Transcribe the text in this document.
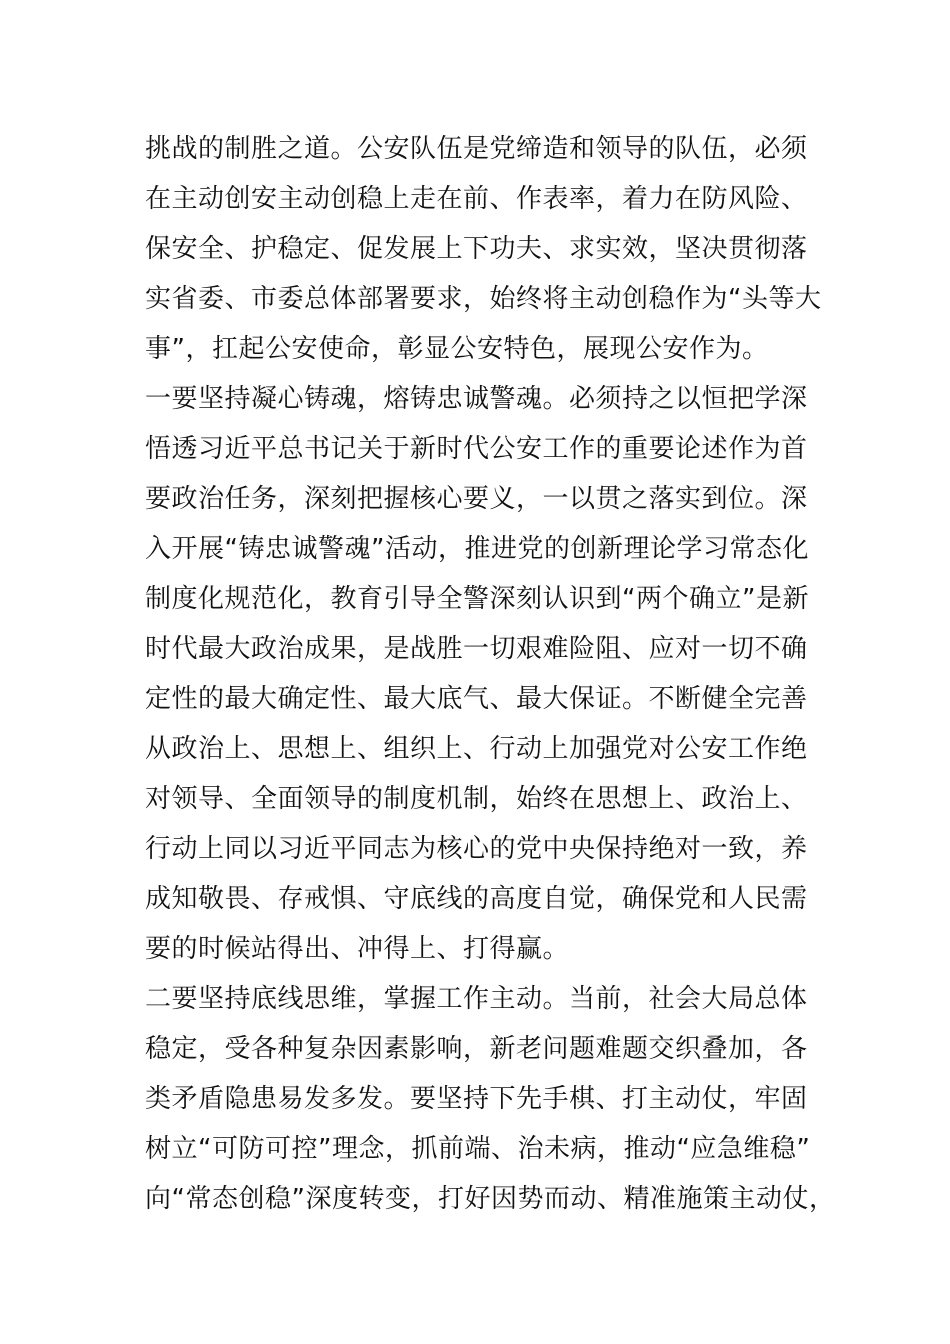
挑战的制胜之道。公安队伍是党缔造和领导的队伍，必须
在主动创安主动创稳上走在前、作表率，着力在防风险、
保安全、护稳定、促发展上下功夫、求实效，坚决贯彻落
实省委、市委总体部署要求，始终将主动创稳作为“头等大
事”，扛起公安使命，彰显公安特色，展现公安作为。
一要坚持凝心铸魂，熔铸忠诚警魂。必须持之以恒把学深
悟透习近平总书记关于新时代公安工作的重要论述作为首
要政治任务，深刻把握核心要义，一以贯之落实到位。深
入开展“铸忠诚警魂”活动，推进党的创新理论学习常态化
制度化规范化，教育引导全警深刻认识到“两个确立”是新
时代最大政治成果，是战胜一切艰难险阻、应对一切不确
定性的最大确定性、最大底气、最大保证。不断健全完善
从政治上、思想上、组织上、行动上加强党对公安工作绝
对领导、全面领导的制度机制，始终在思想上、政治上、
行动上同以习近平同志为核心的党中央保持绝对一致，养
成知敬畏、存戒惧、守底线的高度自觉，确保党和人民需
要的时候站得出、冲得上、打得赢。
二要坚持底线思维，掌握工作主动。当前，社会大局总体
稳定，受各种复杂因素影响，新老问题难题交织叠加，各
类矛盾隐患易发多发。要坚持下先手棋、打主动仗，牢固
树立“可防可控”理念，抓前端、治未病，推动“应急维稳”
向“常态创稳”深度转变，打好因势而动、精准施策主动仗，
